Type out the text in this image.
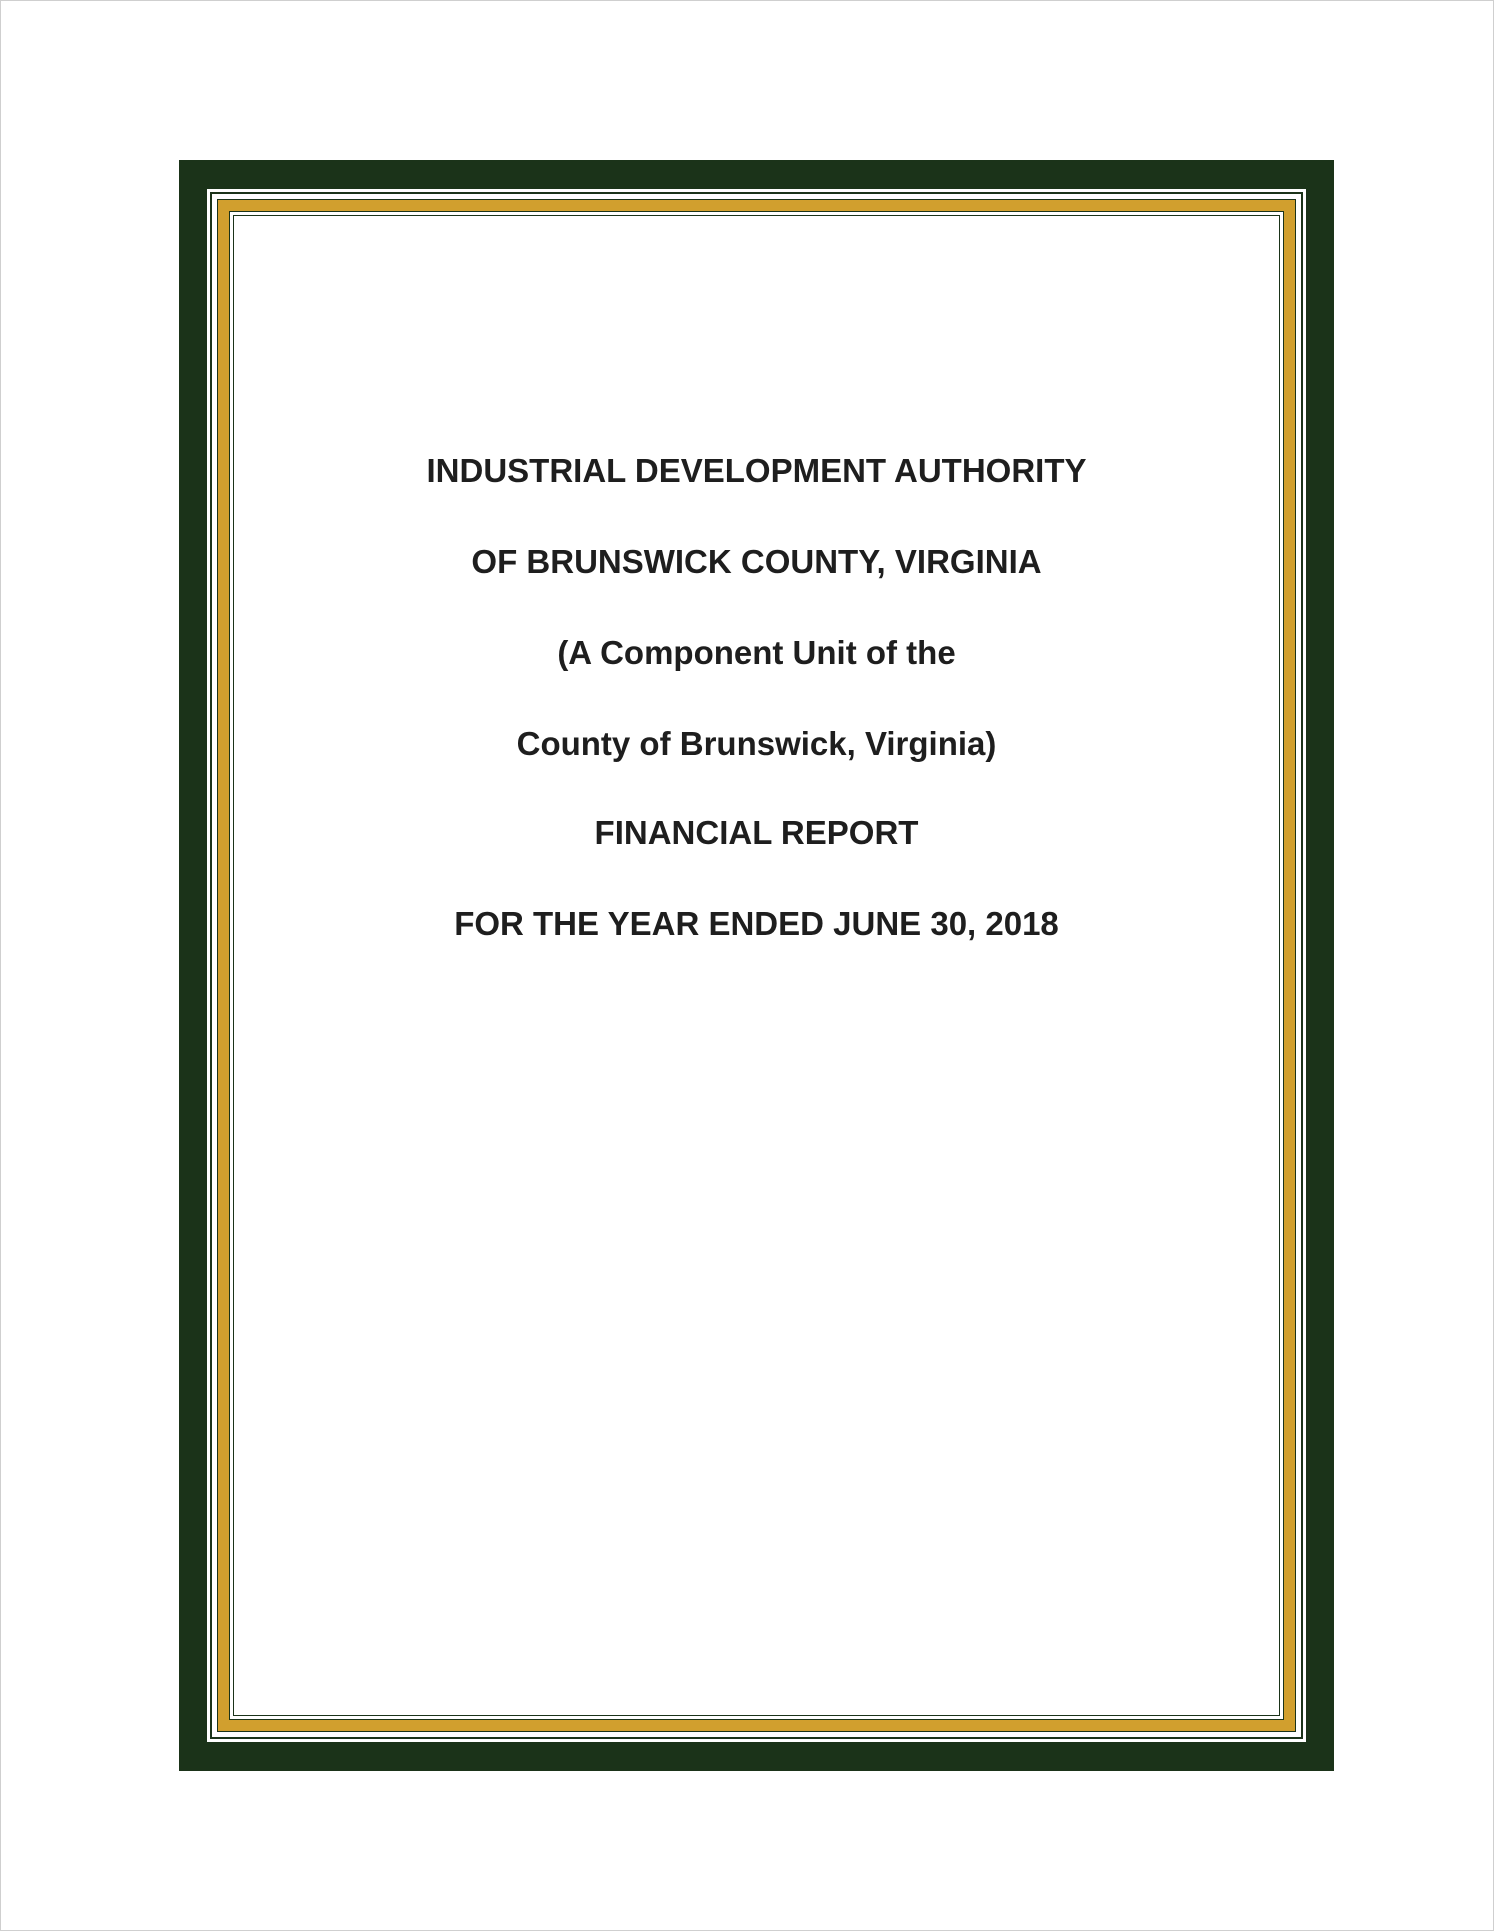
INDUSTRIAL DEVELOPMENT AUTHORITY
OF BRUNSWICK COUNTY, VIRGINIA
(A Component Unit of the
County of Brunswick, Virginia)
FINANCIAL REPORT
FOR THE YEAR ENDED JUNE 30, 2018
